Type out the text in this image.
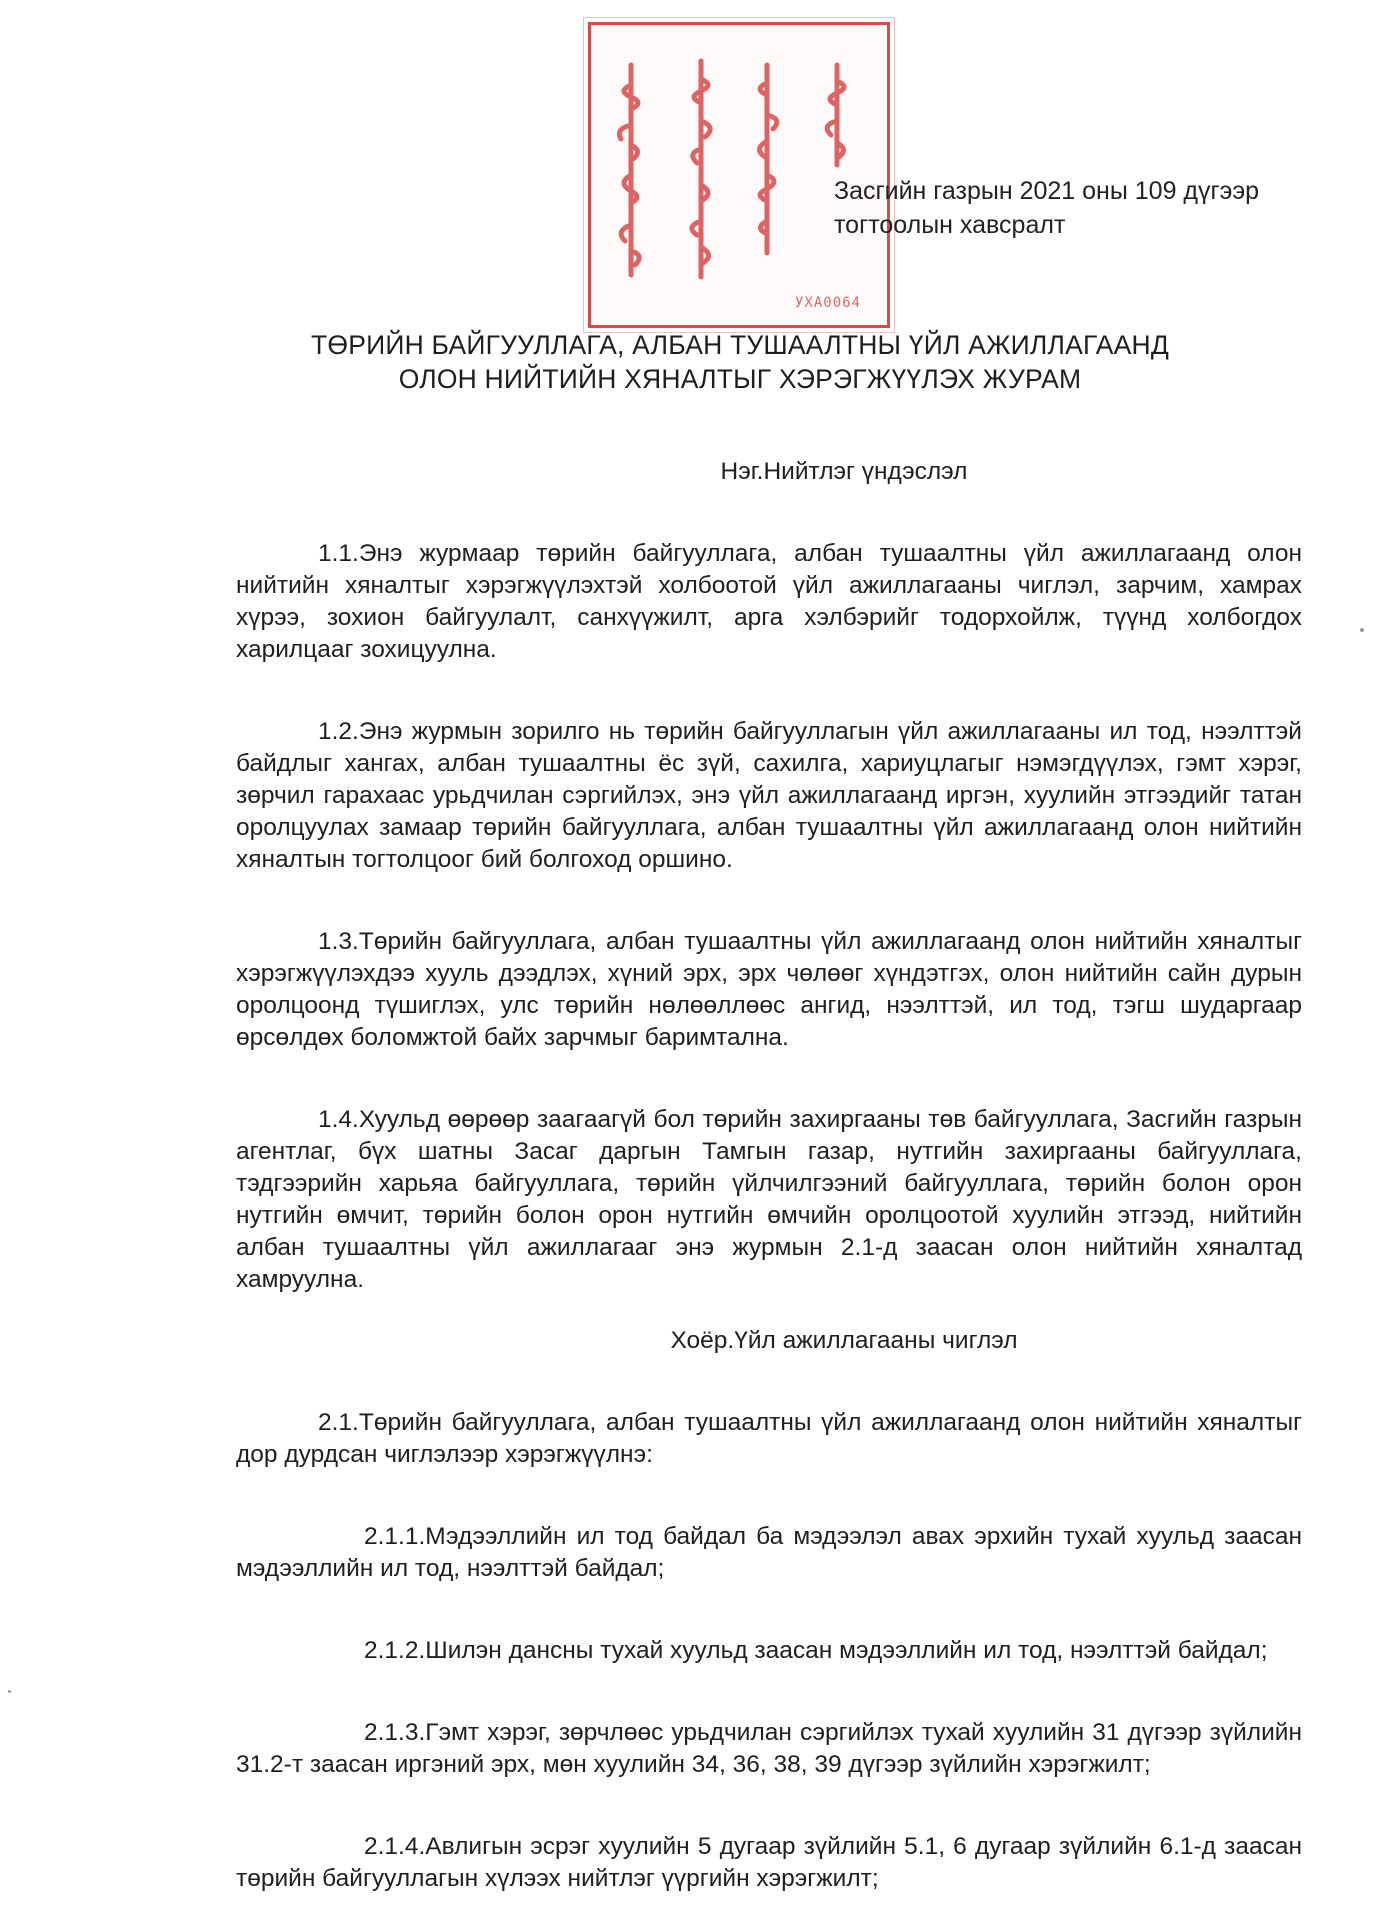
УХА0064
Засгийн газрын 2021 оны 109 дүгээр
тогтоолын хавсралт
ТӨРИЙН БАЙГУУЛЛАГА, АЛБАН ТУШААЛТНЫ ҮЙЛ АЖИЛЛАГААНД
ОЛОН НИЙТИЙН ХЯНАЛТЫГ ХЭРЭГЖҮҮЛЭХ ЖУРАМ

Нэг.Нийтлэг үндэслэл

1.1.Энэ журмаар төрийн байгууллага, албан тушаалтны үйл ажиллагаанд олон нийтийн хяналтыг хэрэгжүүлэхтэй холбоотой үйл ажиллагааны чиглэл, зарчим, хамрах хүрээ, зохион байгуулалт, санхүүжилт, арга хэлбэрийг тодорхойлж, түүнд холбогдох харилцааг зохицуулна.

1.2.Энэ журмын зорилго нь төрийн байгууллагын үйл ажиллагааны ил тод, нээлттэй байдлыг хангах, албан тушаалтны ёс зүй, сахилга, хариуцлагыг нэмэгдүүлэх, гэмт хэрэг, зөрчил гарахаас урьдчилан сэргийлэх, энэ үйл ажиллагаанд иргэн, хуулийн этгээдийг татан оролцуулах замаар төрийн байгууллага, албан тушаалтны үйл ажиллагаанд олон нийтийн хяналтын тогтолцоог бий болгоход оршино.

1.3.Төрийн байгууллага, албан тушаалтны үйл ажиллагаанд олон нийтийн хяналтыг хэрэгжүүлэхдээ хууль дээдлэх, хүний эрх, эрх чөлөөг хүндэтгэх, олон нийтийн сайн дурын оролцоонд түшиглэх, улс төрийн нөлөөллөөс ангид, нээлттэй, ил тод, тэгш шударгаар өрсөлдөх боломжтой байх зарчмыг баримтална.

1.4.Хуульд өөрөөр заагаагүй бол төрийн захиргааны төв байгууллага, Засгийн газрын агентлаг, бүх шатны Засаг даргын Тамгын газар, нутгийн захиргааны байгууллага, тэдгээрийн харьяа байгууллага, төрийн үйлчилгээний байгууллага, төрийн болон орон нутгийн өмчит, төрийн болон орон нутгийн өмчийн оролцоотой хуулийн этгээд, нийтийн албан тушаалтны үйл ажиллагааг энэ журмын 2.1-д заасан олон нийтийн хяналтад хамруулна.

Хоёр.Үйл ажиллагааны чиглэл

2.1.Төрийн байгууллага, албан тушаалтны үйл ажиллагаанд олон нийтийн хяналтыг дор дурдсан чиглэлээр хэрэгжүүлнэ:

2.1.1.Мэдээллийн ил тод байдал ба мэдээлэл авах эрхийн тухай хуульд заасан мэдээллийн ил тод, нээлттэй байдал;

2.1.2.Шилэн дансны тухай хуульд заасан мэдээллийн ил тод, нээлттэй байдал;

2.1.3.Гэмт хэрэг, зөрчлөөс урьдчилан сэргийлэх тухай хуулийн 31 дүгээр зүйлийн 31.2-т заасан иргэний эрх, мөн хуулийн 34, 36, 38, 39 дүгээр зүйлийн хэрэгжилт;

2.1.4.Авлигын эсрэг хуулийн 5 дугаар зүйлийн 5.1, 6 дугаар зүйлийн 6.1-д заасан төрийн байгууллагын хүлээх нийтлэг үүргийн хэрэгжилт;
